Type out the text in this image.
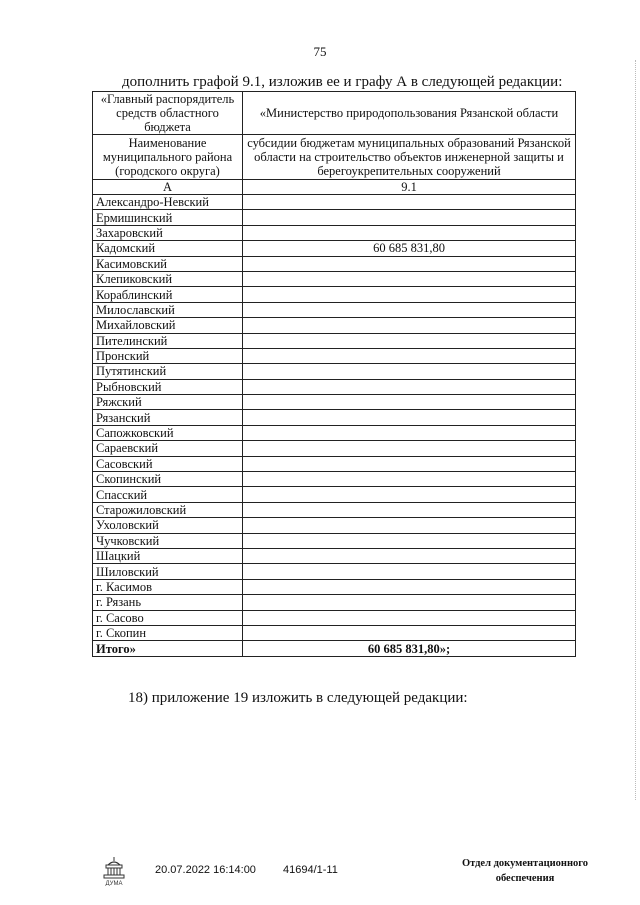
75
дополнить графой 9.1, изложив ее и графу А в следующей редакции:
«Главный распорядитель средств областного бюджета	«Министерство природопользования Рязанской области
Наименование муниципального района (городского округа)	субсидии бюджетам муниципальных образований Рязанской области на строительство объектов инженерной защиты и берегоукрепительных сооружений
А	9.1
Александро-Невский	
Ермишинский	
Захаровский	
Кадомский	60 685 831,80
Касимовский	
Клепиковский	
Кораблинский	
Милославский	
Михайловский	
Пителинский	
Пронский	
Путятинский	
Рыбновский	
Ряжский	
Рязанский	
Сапожковский	
Сараевский	
Сасовский	
Скопинский	
Спасский	
Старожиловский	
Ухоловский	
Чучковский	
Шацкий	
Шиловский	
г. Касимов	
г. Рязань	
г. Сасово	
г. Скопин	
Итого»	60 685 831,80»;
18) приложение 19 изложить в следующей редакции:
ДУМА
20.07.2022 16:14:00 41694/1-11
Отдел документационного
обеспечения
